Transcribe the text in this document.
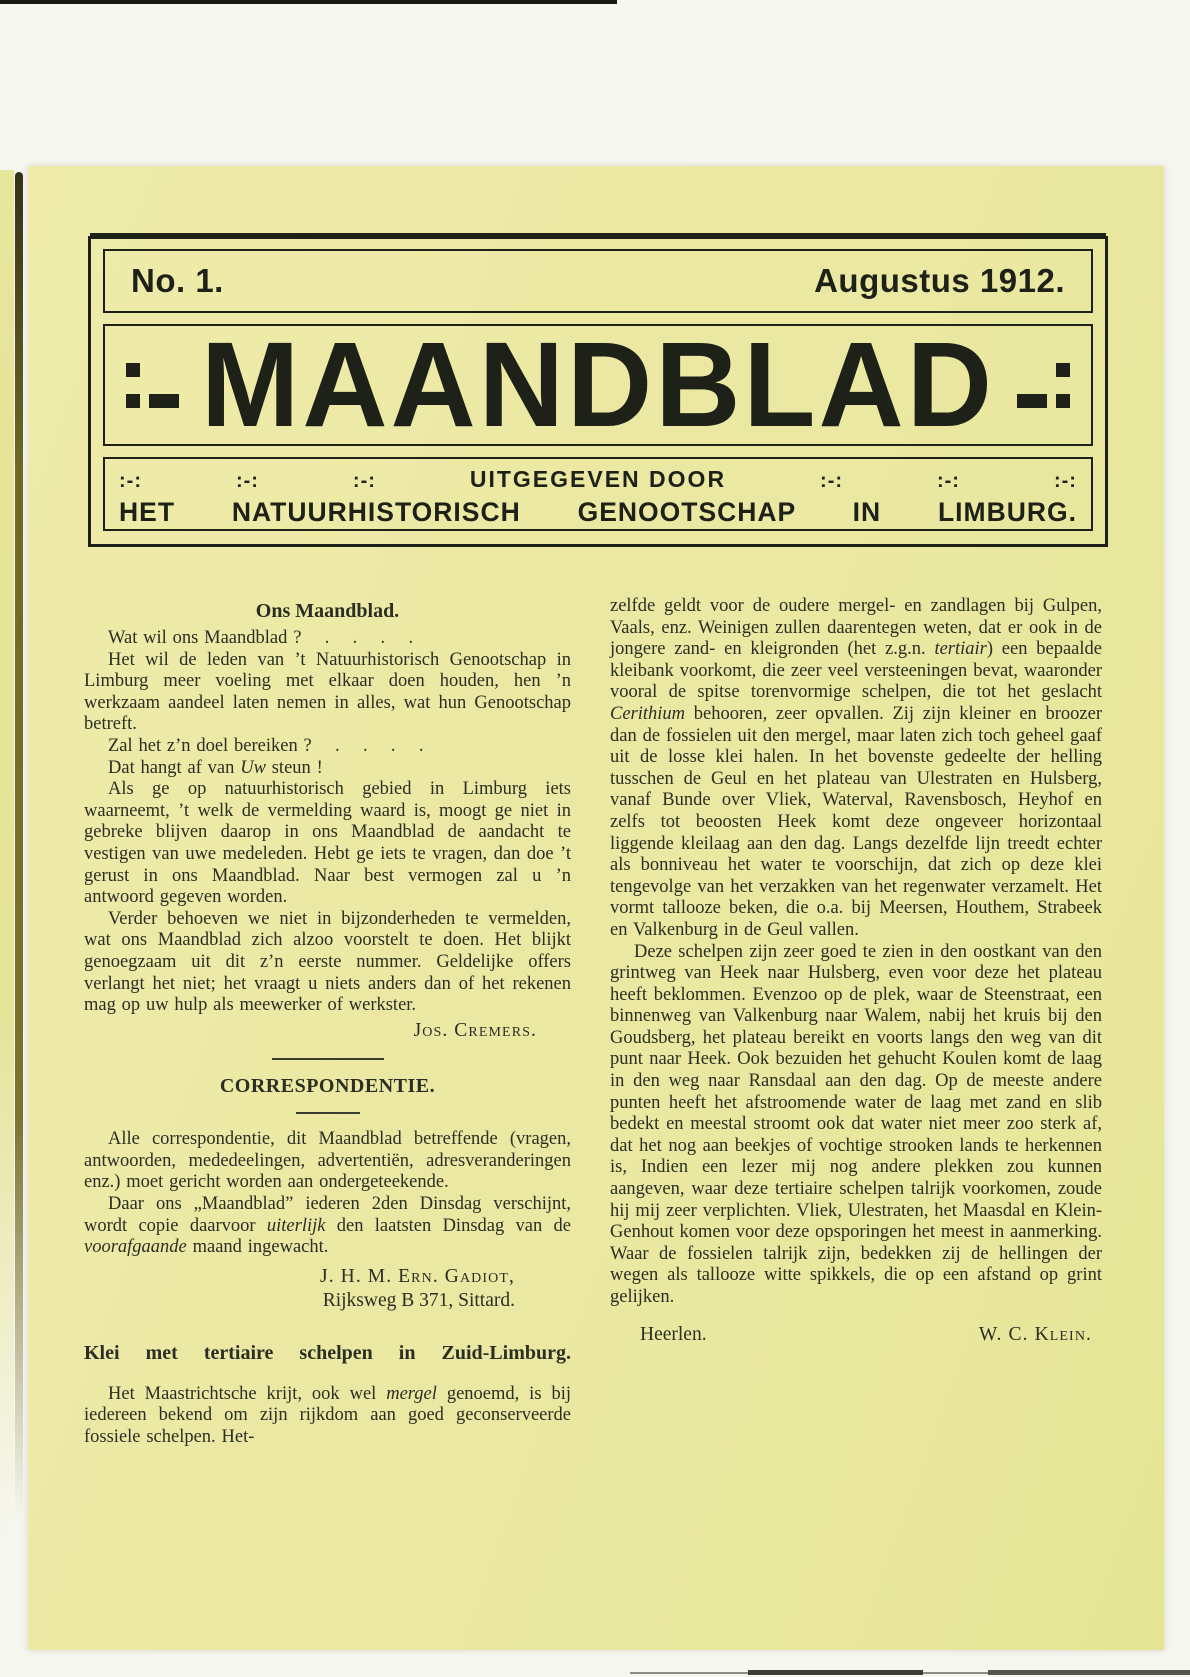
No. 1.	Augustus 1912.
MAANDBLAD
:-:	:-:	:-:	UITGEGEVEN DOOR	:-:	:-:	:-:
HET NATUURHISTORISCH GENOOTSCHAP IN LIMBURG.
Ons Maandblad.

Wat wil ons Maandblad ?    .    .    .    .

Het wil de leden van ’t Natuurhistorisch Genootschap in Limburg meer voeling met elkaar doen houden, hen ’n werkzaam aandeel laten nemen in alles, wat hun Genootschap betreft.

Zal het z’n doel bereiken ?    .    .    .    .

Dat hangt af van Uw steun !

Als ge op natuurhistorisch gebied in Limburg iets waarneemt, ’t welk de vermelding waard is, moogt ge niet in gebreke blijven daarop in ons Maandblad de aandacht te vestigen van uwe medeleden. Hebt ge iets te vragen, dan doe ’t gerust in ons Maandblad. Naar best vermogen zal u ’n antwoord gegeven worden.

Verder behoeven we niet in bijzonderheden te vermelden, wat ons Maandblad zich alzoo voorstelt te doen. Het blijkt genoegzaam uit dit z’n eerste nummer. Geldelijke offers verlangt het niet; het vraagt u niets anders dan of het rekenen mag op uw hulp als meewerker of werkster.

Jos. Cremers.
CORRESPONDENTIE.

Alle correspondentie, dit Maandblad betreffende (vragen, antwoorden, mededeelingen, advertentiën, adresveranderingen enz.) moet gericht worden aan ondergeteekende.

Daar ons „Maandblad” iederen 2den Dinsdag verschijnt, wordt copie daarvoor uiterlijk den laatsten Dinsdag van de voorafgaande maand ingewacht.

J. H. M. Ern. Gadiot,
Rijksweg B 371, Sittard.
Klei met tertiaire schelpen in Zuid-Limburg.

Het Maastrichtsche krijt, ook wel mergel genoemd, is bij iedereen bekend om zijn rijkdom aan goed geconserveerde fossiele schelpen. Het-

zelfde geldt voor de oudere mergel- en zandlagen bij Gulpen, Vaals, enz. Weinigen zullen daarentegen weten, dat er ook in de jongere zand- en kleigronden (het z.g.n. tertiair) een bepaalde kleibank voorkomt, die zeer veel versteeningen bevat, waaronder vooral de spitse torenvormige schelpen, die tot het geslacht Cerithium behooren, zeer opvallen. Zij zijn kleiner en broozer dan de fossielen uit den mergel, maar laten zich toch geheel gaaf uit de losse klei halen. In het bovenste gedeelte der helling tusschen de Geul en het plateau van Ulestraten en Hulsberg, vanaf Bunde over Vliek, Waterval, Ravensbosch, Heyhof en zelfs tot beoosten Heek komt deze ongeveer horizontaal liggende kleilaag aan den dag. Langs dezelfde lijn treedt echter als bonniveau het water te voorschijn, dat zich op deze klei tengevolge van het verzakken van het regenwater verzamelt. Het vormt tallooze beken, die o.a. bij Meersen, Houthem, Strabeek en Valkenburg in de Geul vallen.

Deze schelpen zijn zeer goed te zien in den oostkant van den grintweg van Heek naar Hulsberg, even voor deze het plateau heeft beklommen. Evenzoo op de plek, waar de Steenstraat, een binnenweg van Valkenburg naar Walem, nabij het kruis bij den Goudsberg, het plateau bereikt en voorts langs den weg van dit punt naar Heek. Ook bezuiden het gehucht Koulen komt de laag in den weg naar Ransdaal aan den dag. Op de meeste andere punten heeft het afstroomende water de laag met zand en slib bedekt en meestal stroomt ook dat water niet meer zoo sterk af, dat het nog aan beekjes of vochtige strooken lands te herkennen is, Indien een lezer mij nog andere plekken zou kunnen aangeven, waar deze tertiaire schelpen talrijk voorkomen, zoude hij mij zeer verplichten. Vliek, Ulestraten, het Maasdal en Klein-Genhout komen voor deze opsporingen het meest in aanmerking. Waar de fossielen talrijk zijn, bedekken zij de hellingen der wegen als tallooze witte spikkels, die op een afstand op grint gelijken.

Heerlen.	W. C. Klein.
